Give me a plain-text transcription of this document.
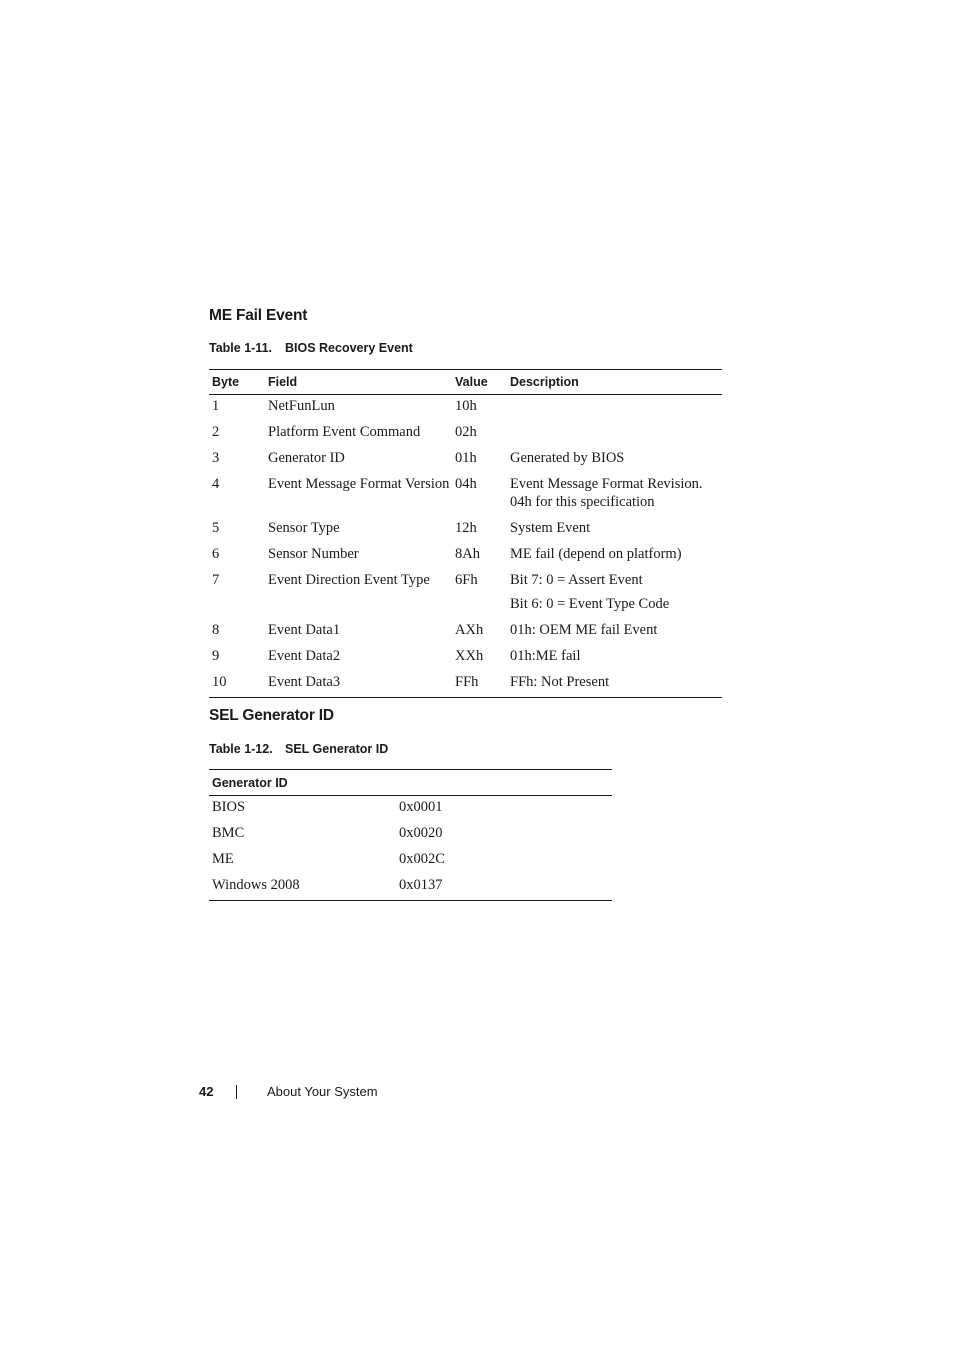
ME Fail Event
Table 1-11. BIOS Recovery Event
Byte	Field	Value	Description
1	NetFunLun	10h	
2	Platform Event Command	02h	
3	Generator ID	01h	Generated by BIOS
4	Event Message Format Version	04h	Event Message Format Revision. 04h for this specification
5	Sensor Type	12h	System Event
6	Sensor Number	8Ah	ME fail (depend on platform)
7	Event Direction Event Type	6Fh	Bit 7: 0 = Assert Event
Bit 6: 0 = Event Type Code

8	Event Data1	AXh	01h: OEM ME fail Event
9	Event Data2	XXh	01h:ME fail
10	Event Data3	FFh	FFh: Not Present
SEL Generator ID
Table 1-12. SEL Generator ID
Generator ID	
BIOS	0x0001
BMC	0x0020
ME	0x002C
Windows 2008	0x0137
42	About Your System
